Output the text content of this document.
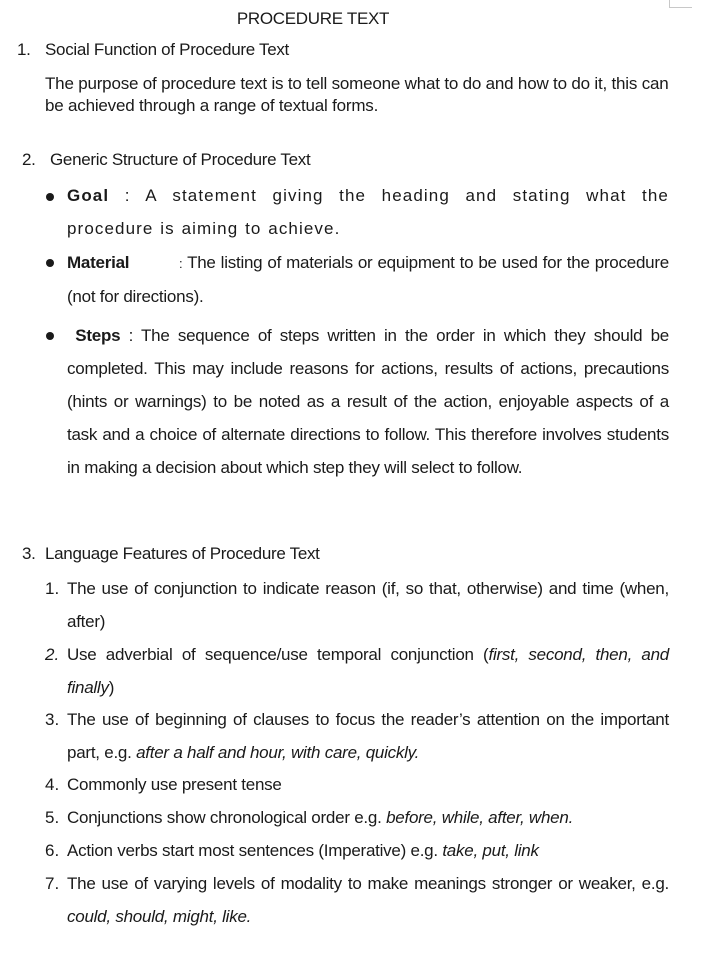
PROCEDURE TEXT
1. Social Function of Procedure Text
The purpose of procedure text is to tell someone what to do and how to do it, this can be achieved through a range of textual forms.
2. Generic Structure of Procedure Text
Goal : A statement giving the heading and stating what the procedure is aiming to achieve.
Material	: The listing of materials or equipment to be used for the procedure (not for directions).
Steps : The sequence of steps written in the order in which they should be completed. This may include reasons for actions, results of actions, precautions (hints or warnings) to be noted as a result of the action, enjoyable aspects of a task and a choice of alternate directions to follow. This therefore involves students in making a decision about which step they will select to follow.
3. Language Features of Procedure Text
1. The use of conjunction to indicate reason (if, so that, otherwise) and time (when, after)
2. Use adverbial of sequence/use temporal conjunction (first, second, then, and finally)
3. The use of beginning of clauses to focus the reader’s attention on the important part, e.g. after a half and hour, with care, quickly.
4. Commonly use present tense
5. Conjunctions show chronological order e.g. before, while, after, when.
6. Action verbs start most sentences (Imperative) e.g. take, put, link
7. The use of varying levels of modality to make meanings stronger or weaker, e.g. could, should, might, like.
